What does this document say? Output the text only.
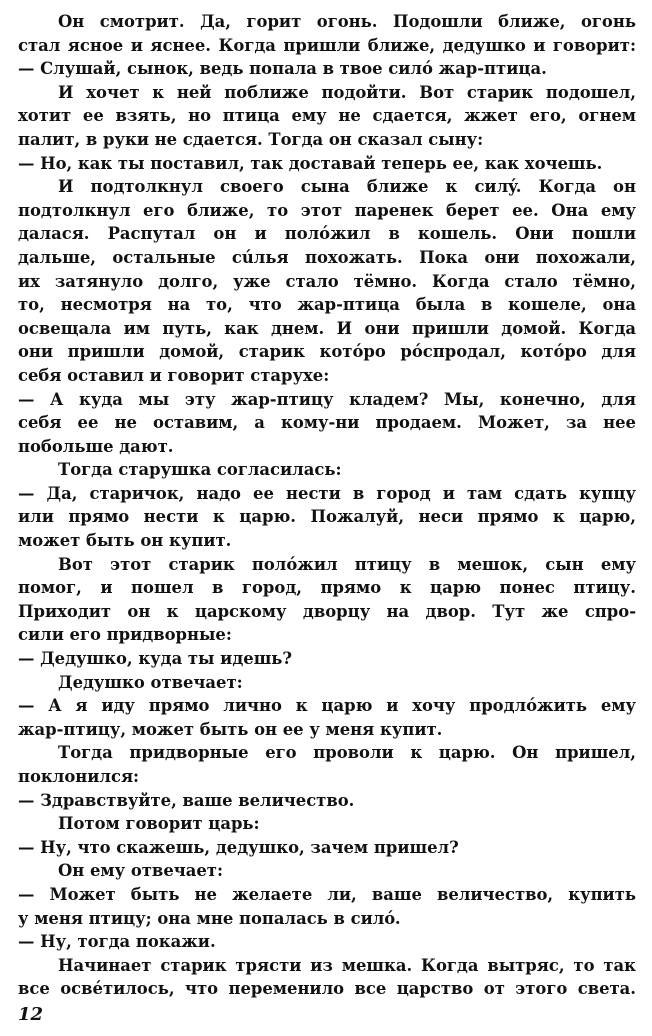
Он смотрит. Да, горит огонь. Подошли ближе, огонь
стал ясное и яснее. Когда пришли ближе, дедушко и говорит:
— Слушай, сынок, ведь попала в твое силó жар-птица.
И хочет к ней поближе подойти. Вот старик подошел,
хотит ее взять, но птица ему не сдается, жжет его, огнем
палит, в руки не сдается. Тогда он сказал сыну:
— Но, как ты поставил, так доставай теперь ее, как хочешь.
И подтолкнул своего сына ближе к силý. Когда он
подтолкнул его ближе, то этот паренек берет ее. Она ему
далася. Распутал он и полóжил в кошель. Они пошли
дальше, остальные сúлья похожать. Пока они похожали,
их затянуло долго, уже стало тёмно. Когда стало тёмно,
то, несмотря на то, что жар-птица была в кошеле, она
освещала им путь, как днем. И они пришли домой. Когда
они пришли домой, старик котóро рóспродал, котóро для
себя оставил и говорит старухе:
— А куда мы эту жар-птицу кладем? Мы, конечно, для
себя ее не оставим, а кому-ни продаем. Может, за нее
побольше дают.
Тогда старушка согласилась:
— Да, старичок, надо ее нести в город и там сдать купцу
или прямо нести к царю. Пожалуй, неси прямо к царю,
может быть он купит.
Вот этот старик полóжил птицу в мешок, сын ему
помог, и пошел в город, прямо к царю понес птицу.
Приходит он к царскому дворцу на двор. Тут же спро-
сили его придворные:
— Дедушко, куда ты идешь?
Дедушко отвечает:
— А я иду прямо лично к царю и хочу продлóжить ему
жар-птицу, может быть он ее у меня купит.
Тогда придворные его проволи к царю. Он пришел,
поклонился:
— Здравствуйте, ваше величество.
Потом говорит царь:
— Ну, что скажешь, дедушко, зачем пришел?
Он ему отвечает:
— Может быть не желаете ли, ваше величество, купить
у меня птицу; она мне попалась в силó.
— Ну, тогда покажи.
Начинает старик трясти из мешка. Когда вытряс, то так
все освéтилось, что переменило все царство от этого света.
12
